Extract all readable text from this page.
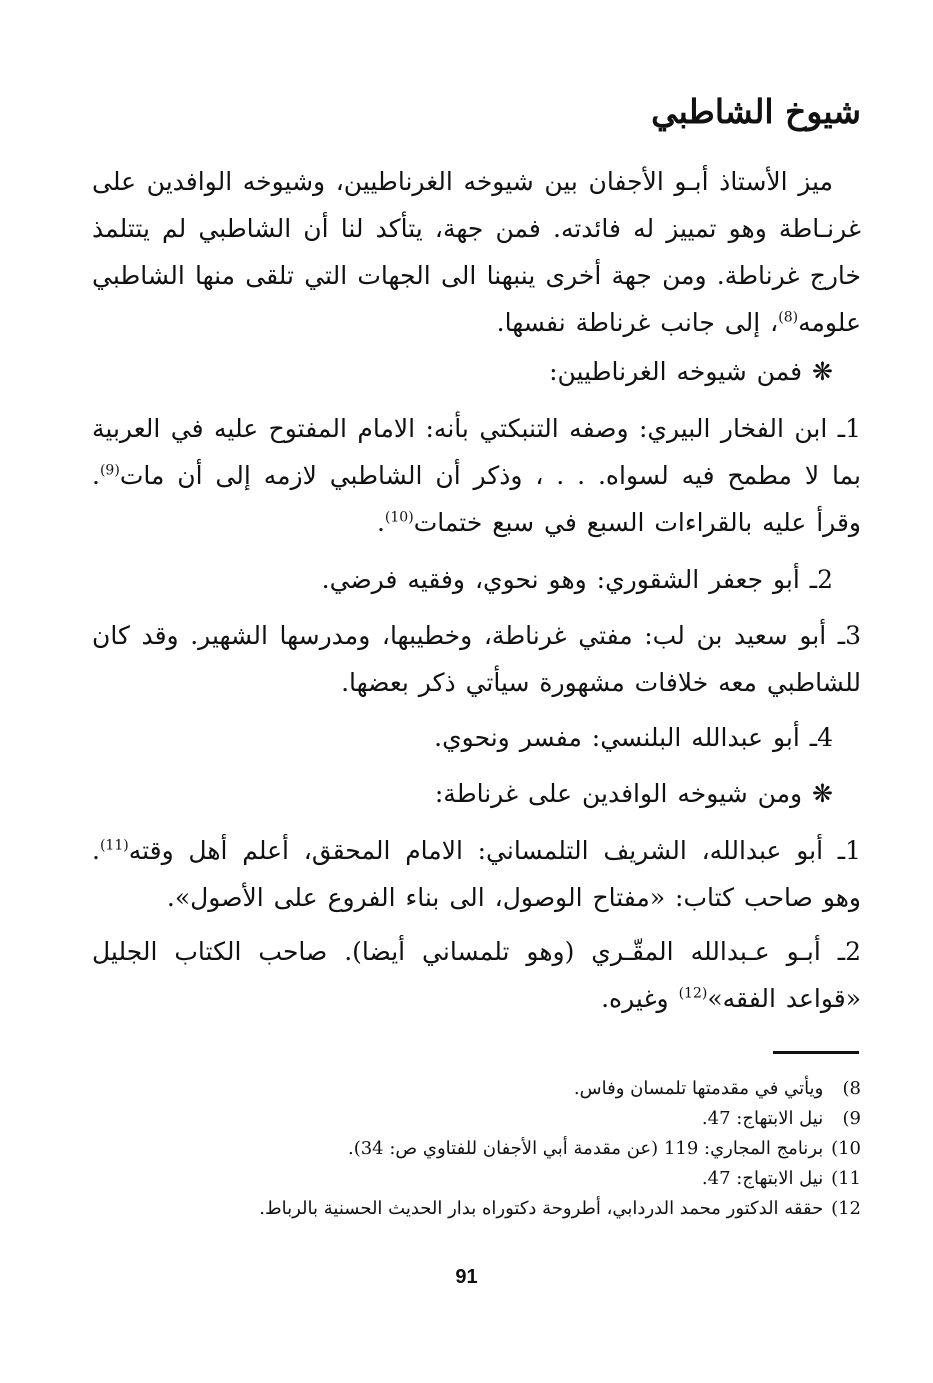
شيوخ الشاطبي

ميز الأستاذ أبـو الأجفان بين شيوخه الغرناطيين، وشيوخه الوافدين على غرنـاطة وهو تمييز له فائدته. فمن جهة، يتأكد لنا أن الشاطبي لم يتتلمذ خارج غرناطة. ومن جهة أخرى ينبهنا الى الجهات التي تلقى منها الشاطبي علومه$^{(8)}$، إلى جانب غرناطة نفسها.

❋ فمن شيوخه الغرناطيين:

1ـ ابن الفخار البيري: وصفه التنبكتي بأنه: الامام المفتوح عليه في العربية بما لا مطمح فيه لسواه. . . ، وذكر أن الشاطبي لازمه إلى أن مات$^{(9)}$. وقرأ عليه بالقراءات السبع في سبع ختمات$^{(10)}$.

2ـ أبو جعفر الشقوري: وهو نحوي، وفقيه فرضي.

3ـ أبو سعيد بن لب: مفتي غرناطة، وخطيبها، ومدرسها الشهير. وقد كان للشاطبي معه خلافات مشهورة سيأتي ذكر بعضها.

4ـ أبو عبدالله البلنسي: مفسر ونحوي.

❋ ومن شيوخه الوافدين على غرناطة:

1ـ أبو عبدالله، الشريف التلمساني: الامام المحقق، أعلم أهل وقته$^{(11)}$. وهو صاحب كتاب: «مفتاح الوصول، الى بناء الفروع على الأصول».

2ـ أبـو عـبدالله المقّـري (وهو تلمساني أيضا). صاحب الكتاب الجليل «قواعد الفقه»$^{(12)}$ وغيره.

8) ويأتي في مقدمتها تلمسان وفاس.
9) نيل الابتهاج: 47.
10) برنامج المجاري: 119 (عن مقدمة أبي الأجفان للفتاوي ص: 34).
11) نيل الابتهاج: 47.
12) حققه الدكتور محمد الدردابي، أطروحة دكتوراه بدار الحديث الحسنية بالرباط.
91
